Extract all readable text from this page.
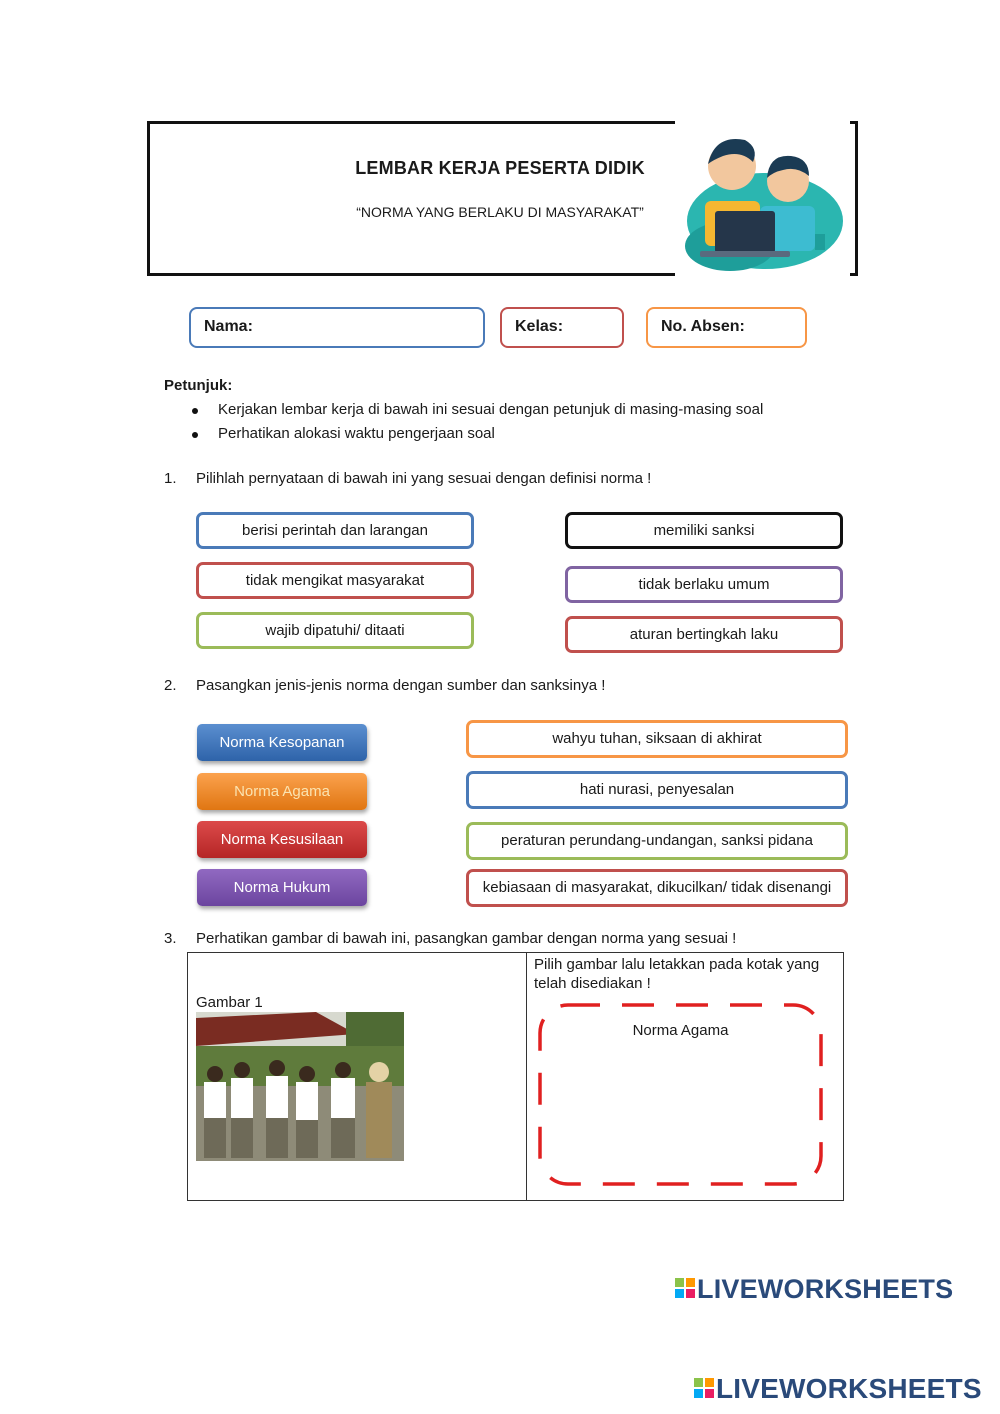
LEMBAR KERJA PESERTA DIDIK
“NORMA YANG BERLAKU DI MASYARAKAT”
Nama:	Kelas:	No. Absen:
Petunjuk:
Kerjakan lembar kerja di bawah ini sesuai dengan petunjuk di masing-masing soal
Perhatikan alokasi waktu pengerjaan soal
1. Pilihlah pernyataan di bawah ini yang sesuai dengan definisi norma !
berisi perintah dan larangan
tidak mengikat masyarakat
wajib dipatuhi/ ditaati
memiliki sanksi
tidak berlaku umum
aturan bertingkah laku
2. Pasangkan jenis-jenis norma dengan sumber dan sanksinya !
Norma Kesopanan
Norma Agama
Norma Kesusilaan
Norma Hukum
wahyu tuhan, siksaan di akhirat
hati nurasi, penyesalan
peraturan perundang-undangan, sanksi pidana
kebiasaan di masyarakat, dikucilkan/ tidak disenangi
3. Perhatikan gambar di bawah ini, pasangkan gambar dengan norma yang sesuai !
Gambar 1
Pilih gambar lalu letakkan pada kotak yang telah disediakan !
Norma Agama
LIVEWORKSHEETS
LIVEWORKSHEETS
